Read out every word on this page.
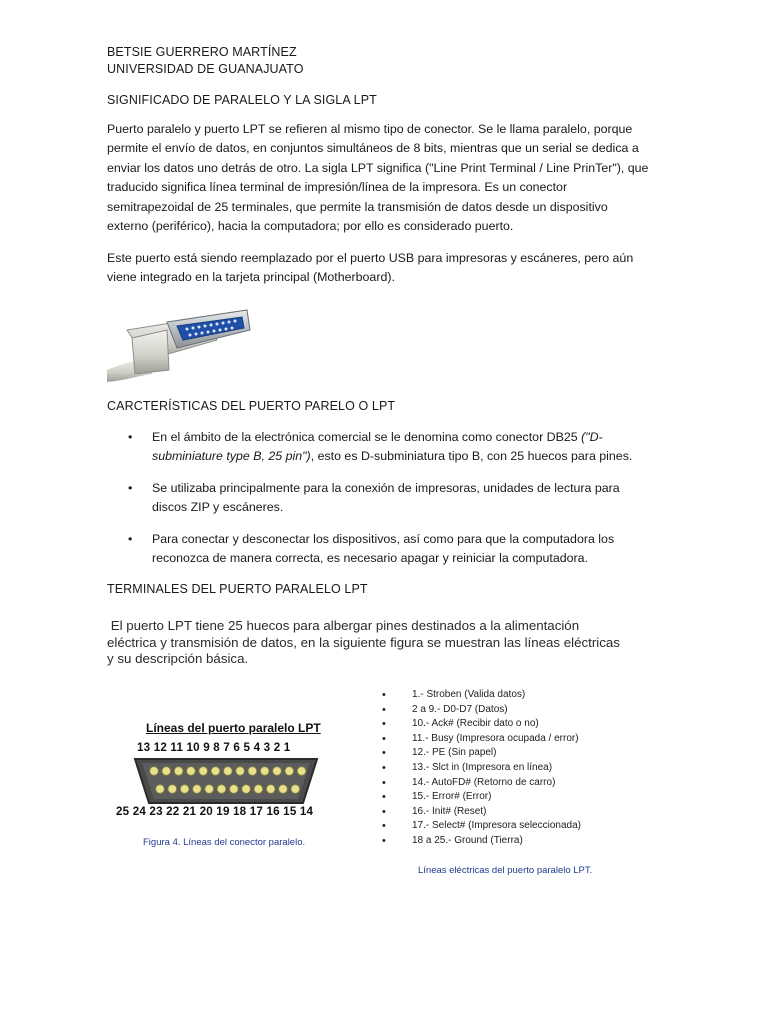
BETSIE GUERRERO MARTÍNEZ
UNIVERSIDAD DE GUANAJUATO
SIGNIFICADO DE PARALELO Y LA SIGLA LPT
Puerto paralelo y puerto LPT se refieren al mismo tipo de conector. Se le llama paralelo, porque
permite el envío de datos, en conjuntos simultáneos de 8 bits, mientras que un serial se dedica a
enviar los datos uno detrás de otro. La sigla LPT significa ("Line Print Terminal / Line PrinTer"), que
traducido significa línea terminal de impresión/línea de la impresora. Es un conector
semitrapezoidal de 25 terminales, que permite la transmisión de datos desde un dispositivo
externo (periférico), hacia la computadora; por ello es considerado puerto.
Este puerto está siendo reemplazado por el puerto USB para impresoras y escáneres, pero aún
viene integrado en la tarjeta principal (Motherboard).
CARCTERÍSTICAS DEL PUERTO PARELO O LPT
• En el ámbito de la electrónica comercial se le denomina como conector DB25 ("D-
subminiature type B, 25 pin"), esto es D-subminiatura tipo B, con 25 huecos para pines.
• Se utilizaba principalmente para la conexión de impresoras, unidades de lectura para
discos ZIP y escáneres.
• Para conectar y desconectar los dispositivos, así como para que la computadora los
reconozca de manera correcta, es necesario apagar y reiniciar la computadora.
TERMINALES DEL PUERTO PARALELO LPT
El puerto LPT tiene 25 huecos para albergar pines destinados a la alimentación
eléctrica y transmisión de datos, en la siguiente figura se muestran las líneas eléctricas
y su descripción básica.
Líneas del puerto paralelo LPT
13 12 11 10 9 8 7 6 5 4 3 2 1
25 24 23 22 21 20 19 18 17 16 15 14
Figura 4. Líneas del conector paralelo.
• 1.- Stroben (Valida datos)
• 2 a 9.- D0-D7 (Datos)
• 10.- Ack# (Recibir dato o no)
• 11.- Busy (Impresora ocupada / error)
• 12.- PE (Sin papel)
• 13.- Slct in (Impresora en línea)
• 14.- AutoFD# (Retorno de carro)
• 15.- Error# (Error)
• 16.- Init# (Reset)
• 17.- Select# (Impresora seleccionada)
• 18 a 25.- Ground (Tierra)
Líneas eléctricas del puerto paralelo LPT.
